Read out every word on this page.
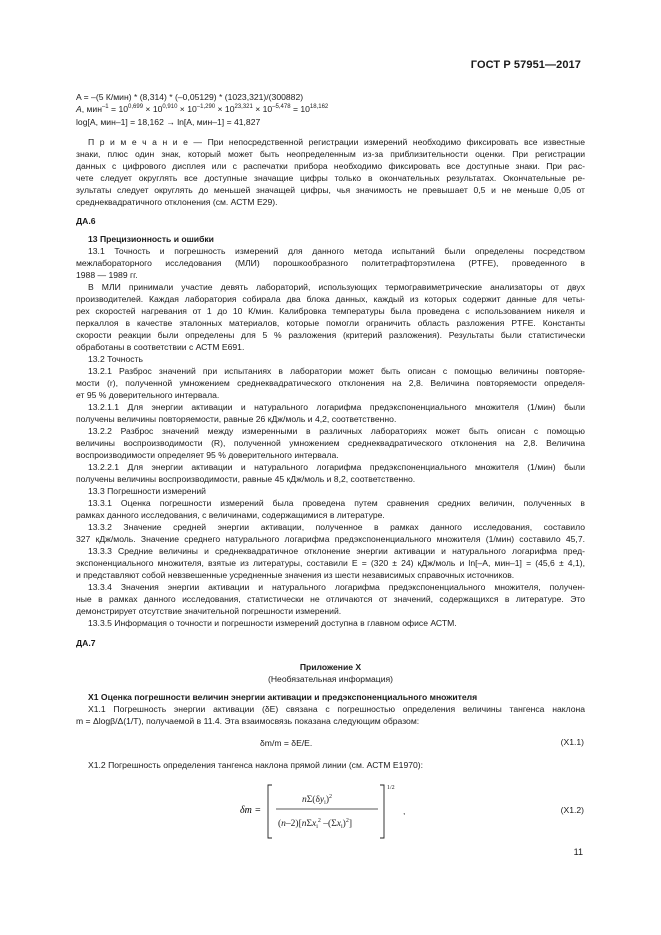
ГОСТ Р 57951—2017
A = –(5 К/мин) * (8,314) * (–0,05129) * (1023,321)/(300882)
A, $мин^{-1} = 10^{0,699} \times 10^{0,910} \times 10^{-1,290} \times 10^{23,321} \times 10^{-5,478} = 10^{18,162}$
log[A, мин–1] = 18,162 → ln[A, мин–1] = 41,827
П р и м е ч а н и е — При непосредственной регистрации измерений необходимо фиксировать все известные
знаки, плюс один знак, который может быть неопределенным из-за приблизительности оценки. При регистрации
данных с цифрового дисплея или с распечатки прибора необходимо фиксировать все доступные знаки. При рас-
чете следует округлять все доступные значащие цифры только в окончательных результатах. Окончательные ре-
зультаты следует округлять до меньшей значащей цифры, чья значимость не превышает 0,5 и не меньше 0,05 от
среднеквадратичного отклонения (см. АСТМ Е29).
ДА.6
13 Прецизионность и ошибки
13.1 Точность и погрешность измерений для данного метода испытаний были определены посредством
межлабораторного исследования (МЛИ) порошкообразного политетрафторэтилена (PTFE), проведенного в
1988 — 1989 гг.
В МЛИ принимали участие девять лабораторий, использующих термогравиметрические анализаторы от двух
производителей. Каждая лаборатория собирала два блока данных, каждый из которых содержит данные для четы-
рех скоростей нагревания от 1 до 10 К/мин. Калибровка температуры была проведена с использованием никеля и
перкаллоя в качестве эталонных материалов, которые помогли ограничить область разложения PTFE. Константы
скорости реакции были определены для 5 % разложения (критерий разложения). Результаты были статистически
обработаны в соответствии с АСТМ Е691.
13.2 Точность
13.2.1 Разброс значений при испытаниях в лаборатории может быть описан с помощью величины повторяе-
мости (r), полученной умножением среднеквадратического отклонения на 2,8. Величина повторяемости определя-
ет 95 % доверительного интервала.
13.2.1.1 Для энергии активации и натурального логарифма предэкспоненциального множителя (1/мин) были
получены величины повторяемости, равные 26 кДж/моль и 4,2, соответственно.
13.2.2 Разброс значений между измеренными в различных лабораториях может быть описан с помощью
величины воспроизводимости (R), полученной умножением среднеквадратического отклонения на 2,8. Величина
воспроизводимости определяет 95 % доверительного интервала.
13.2.2.1 Для энергии активации и натурального логарифма предэкспоненциального множителя (1/мин) были
получены величины воспроизводимости, равные 45 кДж/моль и 8,2, соответственно.
13.3 Погрешности измерений
13.3.1 Оценка погрешности измерений была проведена путем сравнения средних величин, полученных в
рамках данного исследования, с величинами, содержащимися в литературе.
13.3.2 Значение средней энергии активации, полученное в рамках данного исследования, составило
327 кДж/моль. Значение среднего натурального логарифма предэкспоненциального множителя (1/мин) составило 45,7.
13.3.3 Средние величины и среднеквадратичное отклонение энергии активации и натурального логарифма пред-
экспоненциального множителя, взятые из литературы, составили E = (320 ± 24) кДж/моль и ln[–A, мин–1] = (45,6 ± 4,1),
и представляют собой невзвешенные усредненные значения из шести независимых справочных источников.
13.3.4 Значения энергии активации и натурального логарифма предэкспоненциального множителя, получен-
ные в рамках данного исследования, статистически не отличаются от значений, содержащихся в литературе. Это
демонстрирует отсутствие значительной погрешности измерений.
13.3.5 Информация о точности и погрешности измерений доступна в главном офисе АСТМ.
ДА.7
Приложение X
(Необязательная информация)
X1 Оценка погрешности величин энергии активации и предэкспоненциального множителя
X1.1 Погрешность энергии активации (δE) связана с погрешностью определения величины тангенса наклона
m = Δlogβ/Δ(1/T), получаемой в 11.4. Эта взаимосвязь показана следующим образом:
δm/m = δE/E.	(X1.1)
X1.2 Погрешность определения тангенса наклона прямой линии (см. АСТМ Е1970):
δm =
$n\Sigma(\delta y_i)^2$
(n–2)[nΣx$_i^2$ $-(\Sigma x_i)^2$]
1/2
,	(X1.2)
11
